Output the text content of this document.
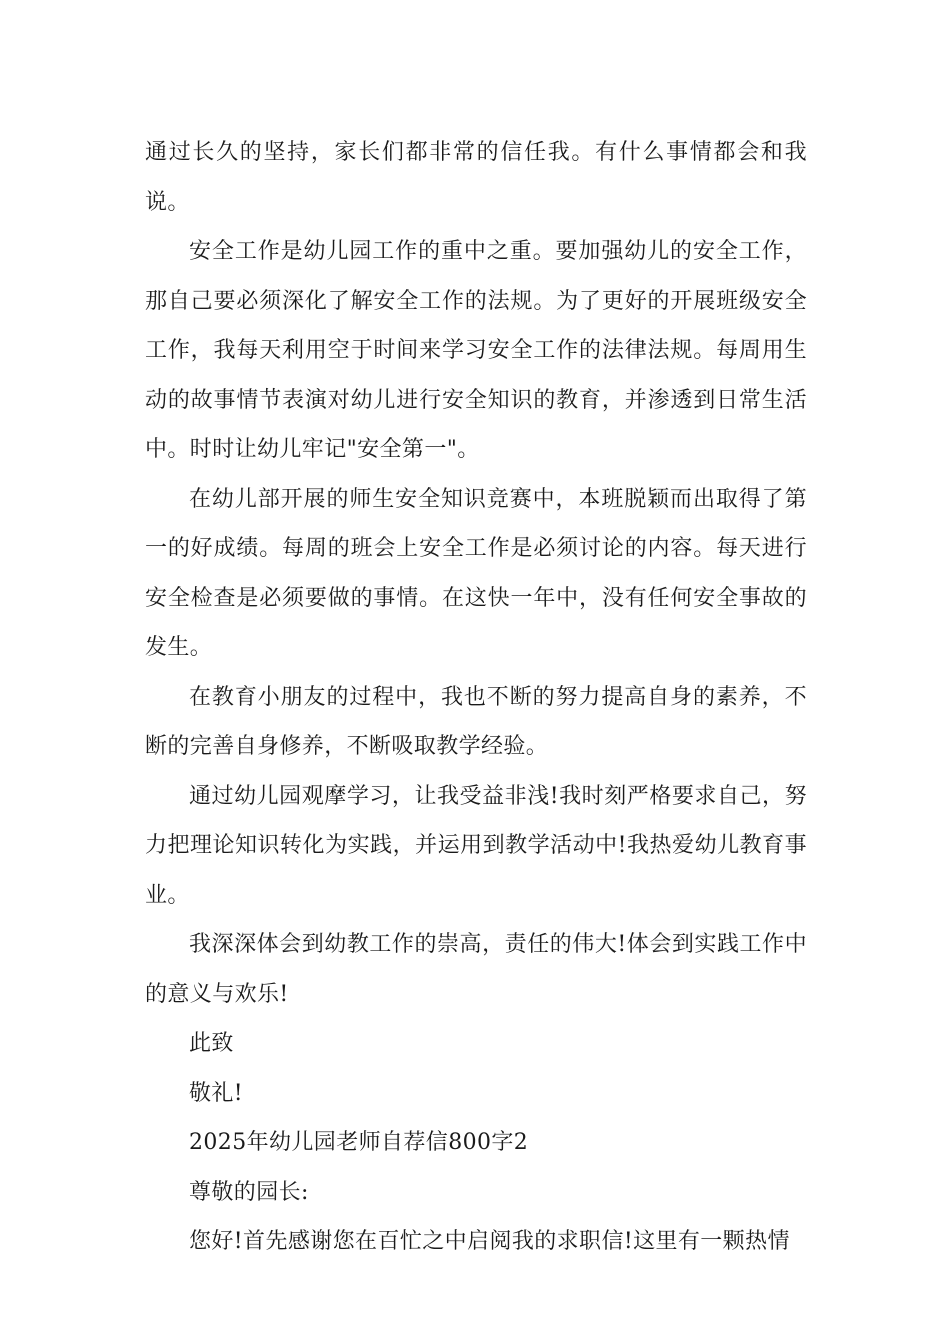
通过长久的坚持，家长们都非常的信任我。有什么事情都会和我说。

安全工作是幼儿园工作的重中之重。要加强幼儿的安全工作，那自己要必须深化了解安全工作的法规。为了更好的开展班级安全工作，我每天利用空于时间来学习安全工作的法律法规。每周用生动的故事情节表演对幼儿进行安全知识的教育，并渗透到日常生活中。时时让幼儿牢记"安全第一"。

在幼儿部开展的师生安全知识竞赛中，本班脱颖而出取得了第一的好成绩。每周的班会上安全工作是必须讨论的内容。每天进行安全检查是必须要做的事情。在这快一年中，没有任何安全事故的发生。

在教育小朋友的过程中，我也不断的努力提高自身的素养，不断的完善自身修养，不断吸取教学经验。

通过幼儿园观摩学习，让我受益非浅!我时刻严格要求自己，努力把理论知识转化为实践，并运用到教学活动中!我热爱幼儿教育事业。

我深深体会到幼教工作的崇高，责任的伟大!体会到实践工作中的意义与欢乐!

此致

敬礼!

2025年幼儿园老师自荐信800字2

尊敬的园长:

您好!首先感谢您在百忙之中启阅我的求职信!这里有一颗热情
